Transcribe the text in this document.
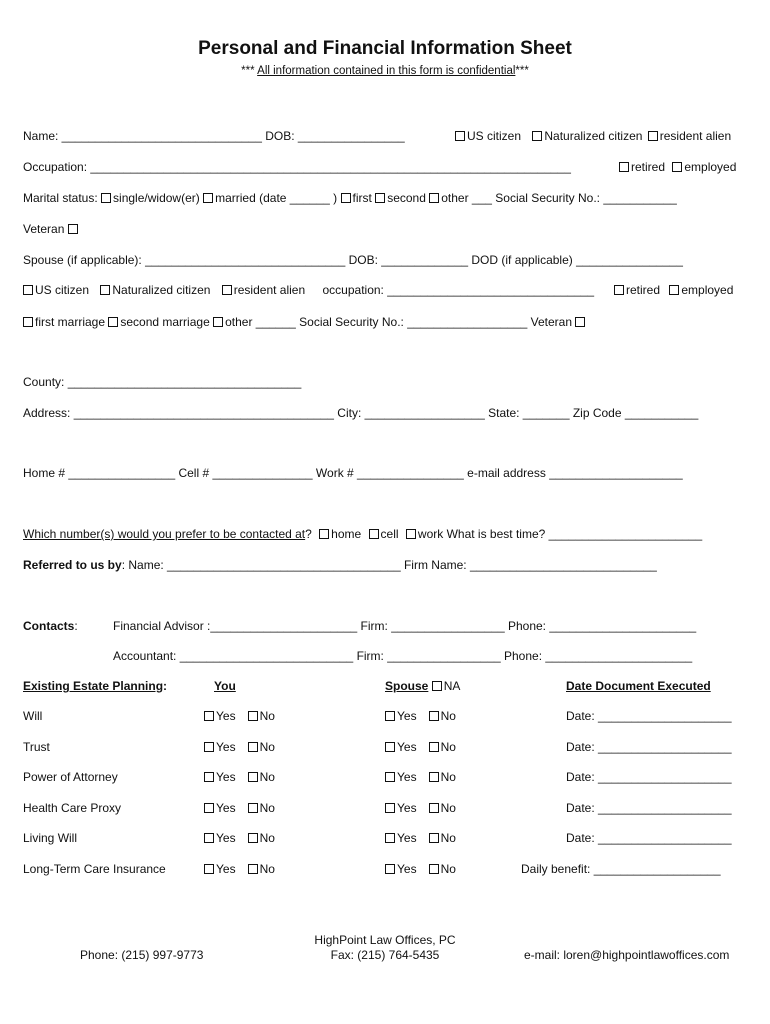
Personal and Financial Information Sheet
*** All information contained in this form is confidential***
Name: ______________________________ DOB: ________________	US citizen Naturalized citizen resident alien
Occupation: ________________________________________________________________________	retired employed
Marital status: single/widow(er) married (date ______ ) first second other ___ Social Security No.: ___________
Veteran
Spouse (if applicable): ______________________________ DOB: _____________ DOD (if applicable) ________________
US citizen Naturalized citizen resident alien occupation: _______________________________	retired employed
first marriage second marriage other ______ Social Security No.: __________________ Veteran
County: ___________________________________
Address: _______________________________________ City: __________________ State: _______ Zip Code ___________
Home # ________________ Cell # _______________ Work # ________________ e-mail address ____________________
Which number(s) would you prefer to be contacted at? home cell work What is best time? _______________________
Referred to us by: Name: ___________________________________ Firm Name: ____________________________
Contacts:	Financial Advisor :______________________ Firm: _________________ Phone: ______________________
Accountant: __________________________ Firm: _________________ Phone: ______________________
Existing Estate Planning:	You	Spouse NA	Date Document Executed
Will	Yes No	Yes No	Date: ____________________
Trust	Yes No	Yes No	Date: ____________________
Power of Attorney	Yes No	Yes No	Date: ____________________
Health Care Proxy	Yes No	Yes No	Date: ____________________
Living Will	Yes No	Yes No	Date: ____________________
Long-Term Care Insurance	Yes No	Yes No	Daily benefit: ___________________
Phone: (215) 997-9773
HighPoint Law Offices, PC
Fax: (215) 764-5435	e-mail: loren@highpointlawoffices.com
